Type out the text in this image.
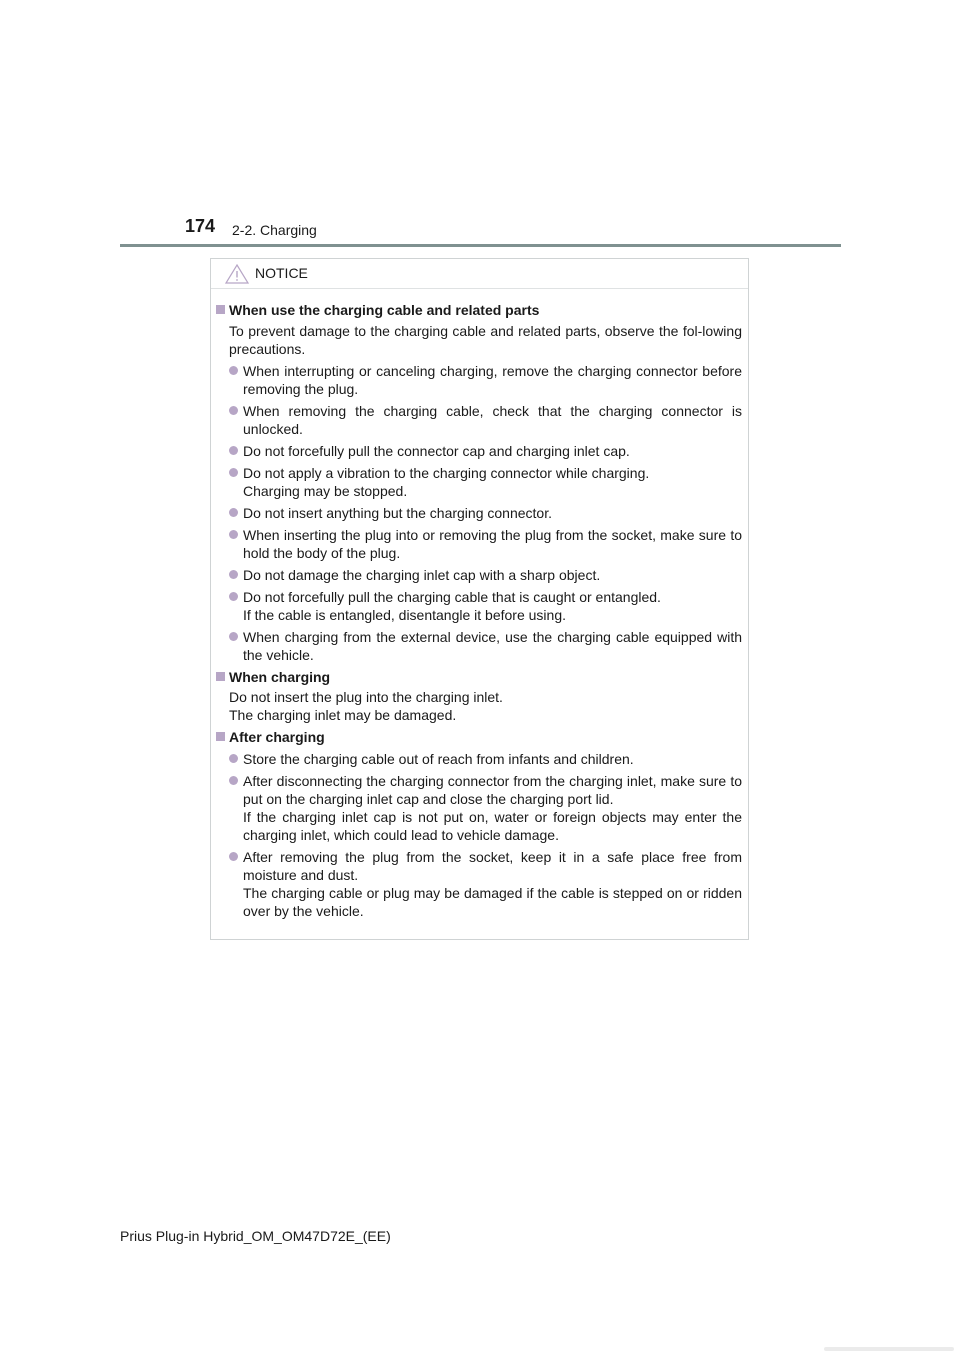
174 2-2. Charging
NOTICE
When use the charging cable and related parts
To prevent damage to the charging cable and related parts, observe the fol-lowing precautions.
When interrupting or canceling charging, remove the charging connector before removing the plug.
When removing the charging cable, check that the charging connector is unlocked.
Do not forcefully pull the connector cap and charging inlet cap.
Do not apply a vibration to the charging connector while charging.
Charging may be stopped.
Do not insert anything but the charging connector.
When inserting the plug into or removing the plug from the socket, make sure to hold the body of the plug.
Do not damage the charging inlet cap with a sharp object.
Do not forcefully pull the charging cable that is caught or entangled.
If the cable is entangled, disentangle it before using.
When charging from the external device, use the charging cable equipped with the vehicle.
When charging
Do not insert the plug into the charging inlet.
The charging inlet may be damaged.
After charging
Store the charging cable out of reach from infants and children.
After disconnecting the charging connector from the charging inlet, make sure to put on the charging inlet cap and close the charging port lid.
If the charging inlet cap is not put on, water or foreign objects may enter the charging inlet, which could lead to vehicle damage.
After removing the plug from the socket, keep it in a safe place free from moisture and dust.
The charging cable or plug may be damaged if the cable is stepped on or ridden over by the vehicle.
Prius Plug-in Hybrid_OM_OM47D72E_(EE)
